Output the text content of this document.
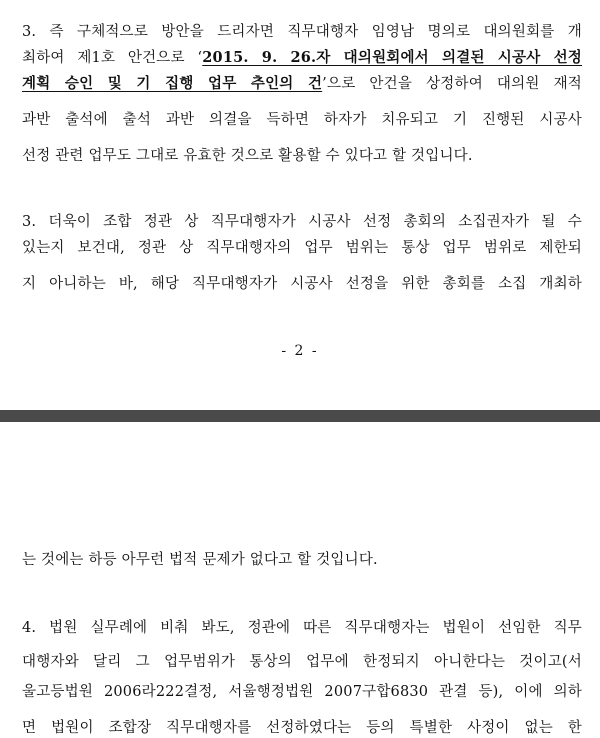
3. 즉 구체적으로 방안을 드리자면 직무대행자 임영남 명의로 대의원회를 개
최하여 제1호 안건으로 ‘2015. 9. 26.자 대의원회에서 의결된 시공사 선정
계획 승인 및 기 집행 업무 추인의 건’으로 안건을 상정하여 대의원 재적
과반 출석에 출석 과반 의결을 득하면 하자가 치유되고 기 진행된 시공사
선정 관련 업무도 그대로 유효한 것으로 활용할 수 있다고 할 것입니다.
3. 더욱이 조합 정관 상 직무대행자가 시공사 선정 총회의 소집권자가 될 수
있는지 보건대, 정관 상 직무대행자의 업무 범위는 통상 업무 범위로 제한되
지 아니하는 바, 해당 직무대행자가 시공사 선정을 위한 총회를 소집 개최하
- 2 -
는 것에는 하등 아무런 법적 문제가 없다고 할 것입니다.
4. 법원 실무례에 비춰 봐도, 정관에 따른 직무대행자는 법원이 선임한 직무
대행자와 달리 그 업무범위가 통상의 업무에 한정되지 아니한다는 것이고(서
울고등법원 2006라222결정, 서울행정법원 2007구합6830 관결 등), 이에 의하
면 법원이 조합장 직무대행자를 선정하였다는 등의 특별한 사정이 없는 한
